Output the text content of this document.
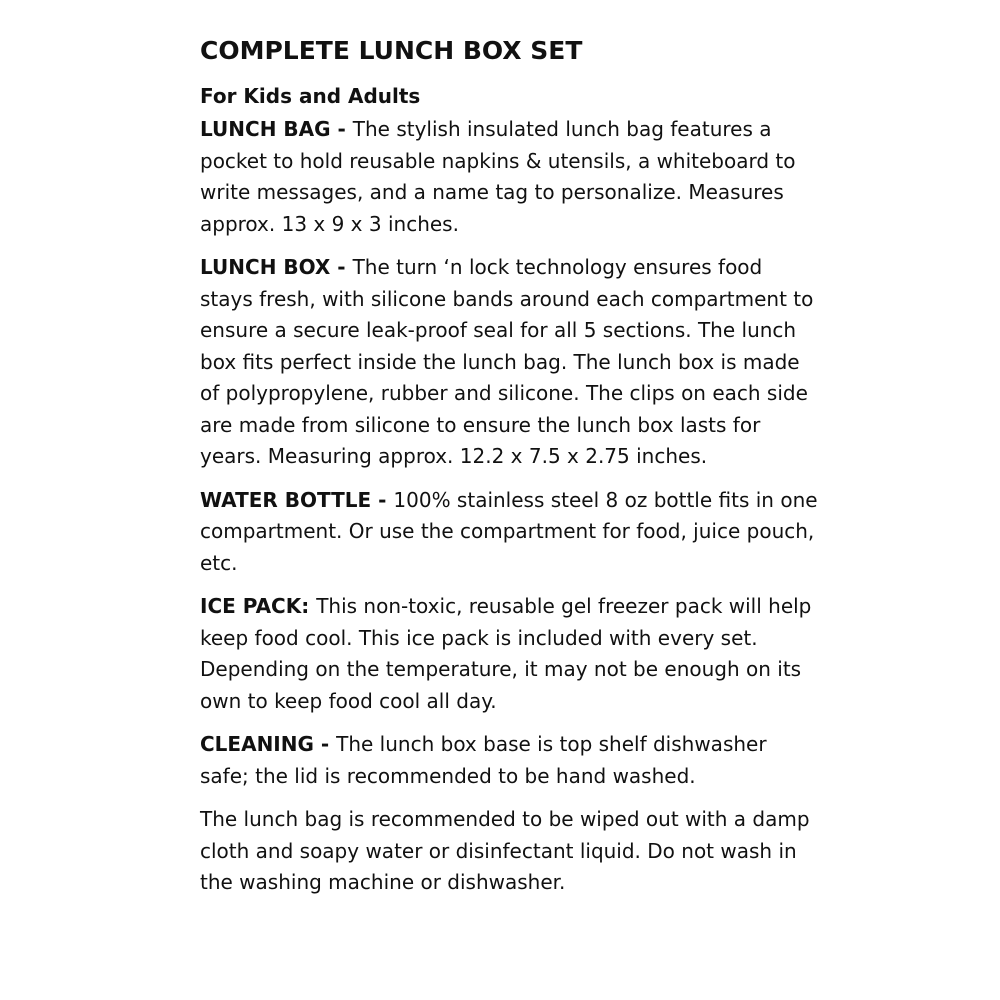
COMPLETE LUNCH BOX SET
For Kids and Adults

LUNCH BAG - The stylish insulated lunch bag features a pocket to hold reusable napkins & utensils, a whiteboard to write messages, and a name tag to personalize. Measures approx. 13 x 9 x 3 inches.

LUNCH BOX - The turn ‘n lock technology ensures food stays fresh, with silicone bands around each compartment to ensure a secure leak-proof seal for all 5 sections. The lunch box fits perfect inside the lunch bag. The lunch box is made of polypropylene, rubber and silicone. The clips on each side are made from silicone to ensure the lunch box lasts for years. Measuring approx. 12.2 x 7.5 x 2.75 inches.

WATER BOTTLE - 100% stainless steel 8 oz bottle fits in one compartment. Or use the compartment for food, juice pouch, etc.

ICE PACK: This non-toxic, reusable gel freezer pack will help keep food cool. This ice pack is included with every set. Depending on the temperature, it may not be enough on its own to keep food cool all day.

CLEANING - The lunch box base is top shelf dishwasher safe; the lid is recommended to be hand washed.

The lunch bag is recommended to be wiped out with a damp cloth and soapy water or disinfectant liquid. Do not wash in the washing machine or dishwasher.
